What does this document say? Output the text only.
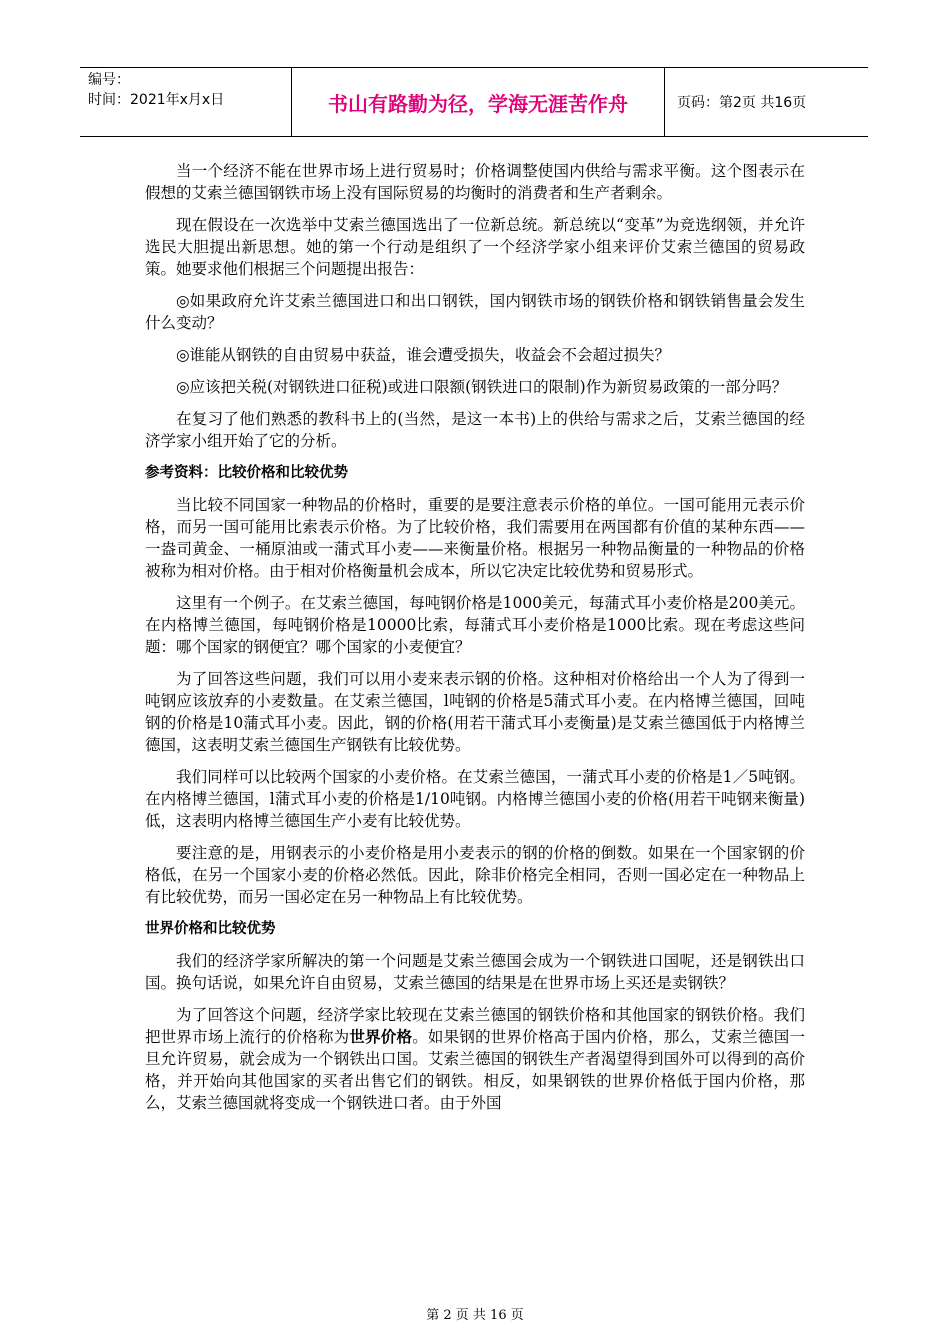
编号：
时间：2021年x月x日	书山有路勤为径，学海无涯苦作舟	页码：第2页 共16页

当一个经济不能在世界市场上进行贸易时；价格调整使国内供给与需求平衡。这个图表示在假想的艾索兰德国钢铁市场上没有国际贸易的均衡时的消费者和生产者剩余。

现在假设在一次选举中艾索兰德国选出了一位新总统。新总统以“变革”为竞选纲领，并允许选民大胆提出新思想。她的第一个行动是组织了一个经济学家小组来评价艾索兰德国的贸易政策。她要求他们根据三个问题提出报告：

◎如果政府允许艾索兰德国进口和出口钢铁，国内钢铁市场的钢铁价格和钢铁销售量会发生什么变动？

◎谁能从钢铁的自由贸易中获益，谁会遭受损失，收益会不会超过损失？

◎应该把关税(对钢铁进口征税)或进口限额(钢铁进口的限制)作为新贸易政策的一部分吗？

在复习了他们熟悉的教科书上的(当然，是这一本书)上的供给与需求之后，艾索兰德国的经济学家小组开始了它的分析。

参考资料：比较价格和比较优势

当比较不同国家一种物品的价格时，重要的是要注意表示价格的单位。一国可能用元表示价格，而另一国可能用比索表示价格。为了比较价格，我们需要用在两国都有价值的某种东西——一盎司黄金、一桶原油或一蒲式耳小麦——来衡量价格。根据另一种物品衡量的一种物品的价格被称为相对价格。由于相对价格衡量机会成本，所以它决定比较优势和贸易形式。

这里有一个例子。在艾索兰德国，每吨钢价格是1000美元，每蒲式耳小麦价格是200美元。在内格博兰德国，每吨钢价格是10000比索，每蒲式耳小麦价格是1000比索。现在考虑这些问题：哪个国家的钢便宜？哪个国家的小麦便宜？

为了回答这些问题，我们可以用小麦来表示钢的价格。这种相对价格给出一个人为了得到一吨钢应该放弃的小麦数量。在艾索兰德国，l吨钢的价格是5蒲式耳小麦。在内格博兰德国，回吨钢的价格是10蒲式耳小麦。因此，钢的价格(用若干蒲式耳小麦衡量)是艾索兰德国低于内格博兰德国，这表明艾索兰德国生产钢铁有比较优势。

我们同样可以比较两个国家的小麦价格。在艾索兰德国，一蒲式耳小麦的价格是1／5吨钢。在内格博兰德国，l蒲式耳小麦的价格是1/10吨钢。内格博兰德国小麦的价格(用若干吨钢来衡量)低，这表明内格博兰德国生产小麦有比较优势。

要注意的是，用钢表示的小麦价格是用小麦表示的钢的价格的倒数。如果在一个国家钢的价格低，在另一个国家小麦的价格必然低。因此，除非价格完全相同，否则一国必定在一种物品上有比较优势，而另一国必定在另一种物品上有比较优势。

世界价格和比较优势

我们的经济学家所解决的第一个问题是艾索兰德国会成为一个钢铁进口国呢，还是钢铁出口国。换句话说，如果允许自由贸易，艾索兰德国的结果是在世界市场上买还是卖钢铁？

为了回答这个问题，经济学家比较现在艾索兰德国的钢铁价格和其他国家的钢铁价格。我们把世界市场上流行的价格称为世界价格。如果钢的世界价格高于国内价格，那么，艾索兰德国一旦允许贸易，就会成为一个钢铁出口国。艾索兰德国的钢铁生产者渴望得到国外可以得到的高价格，并开始向其他国家的买者出售它们的钢铁。相反，如果钢铁的世界价格低于国内价格，那么，艾索兰德国就将变成一个钢铁进口者。由于外国

第 2 页 共 16 页
